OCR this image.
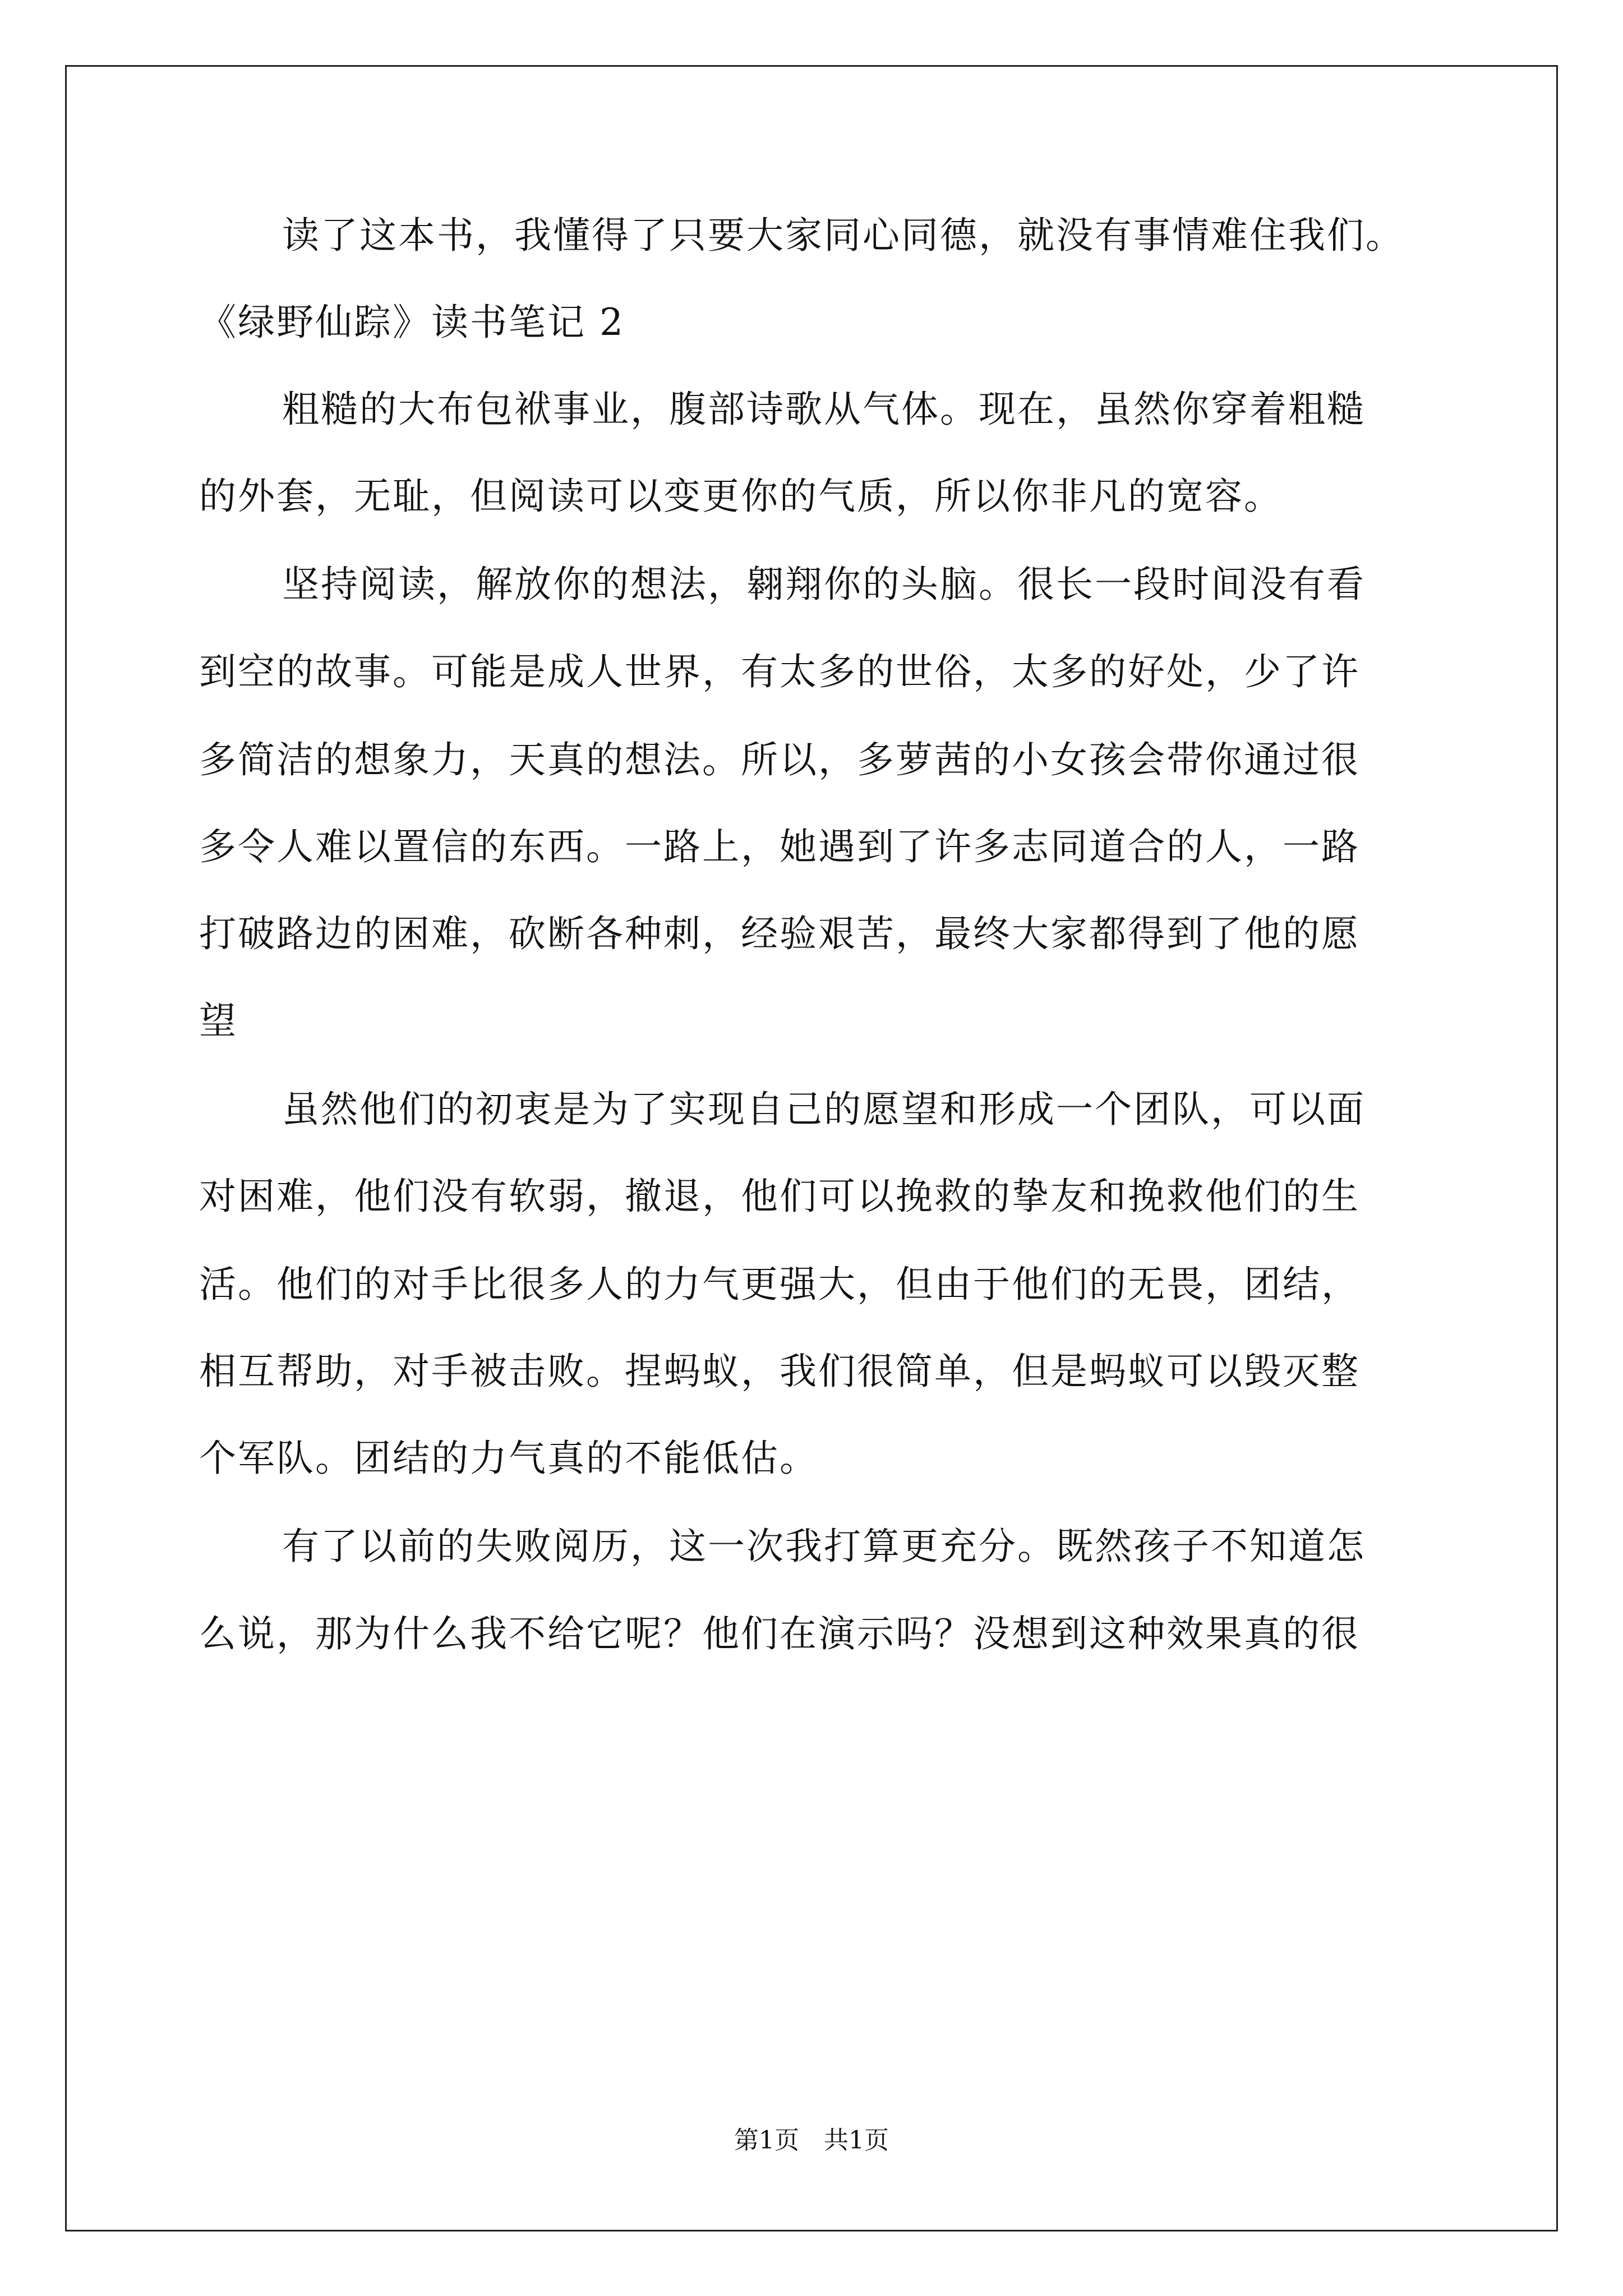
读了这本书，我懂得了只要大家同心同德，就没有事情难住我们。
《绿野仙踪》读书笔记 2
粗糙的大布包袱事业，腹部诗歌从气体。现在，虽然你穿着粗糙
的外套，无耻，但阅读可以变更你的气质，所以你非凡的宽容。
坚持阅读，解放你的想法，翱翔你的头脑。很长一段时间没有看
到空的故事。可能是成人世界，有太多的世俗，太多的好处，少了许
多简洁的想象力，天真的想法。所以，多萝茜的小女孩会带你通过很
多令人难以置信的东西。一路上，她遇到了许多志同道合的人，一路
打破路边的困难，砍断各种刺，经验艰苦，最终大家都得到了他的愿
望
虽然他们的初衷是为了实现自己的愿望和形成一个团队，可以面
对困难，他们没有软弱，撤退，他们可以挽救的挚友和挽救他们的生
活。他们的对手比很多人的力气更强大，但由于他们的无畏，团结，
相互帮助，对手被击败。捏蚂蚁，我们很简单，但是蚂蚁可以毁灭整
个军队。团结的力气真的不能低估。
有了以前的失败阅历，这一次我打算更充分。既然孩子不知道怎
么说，那为什么我不给它呢？他们在演示吗？没想到这种效果真的很
第1页　共1页
